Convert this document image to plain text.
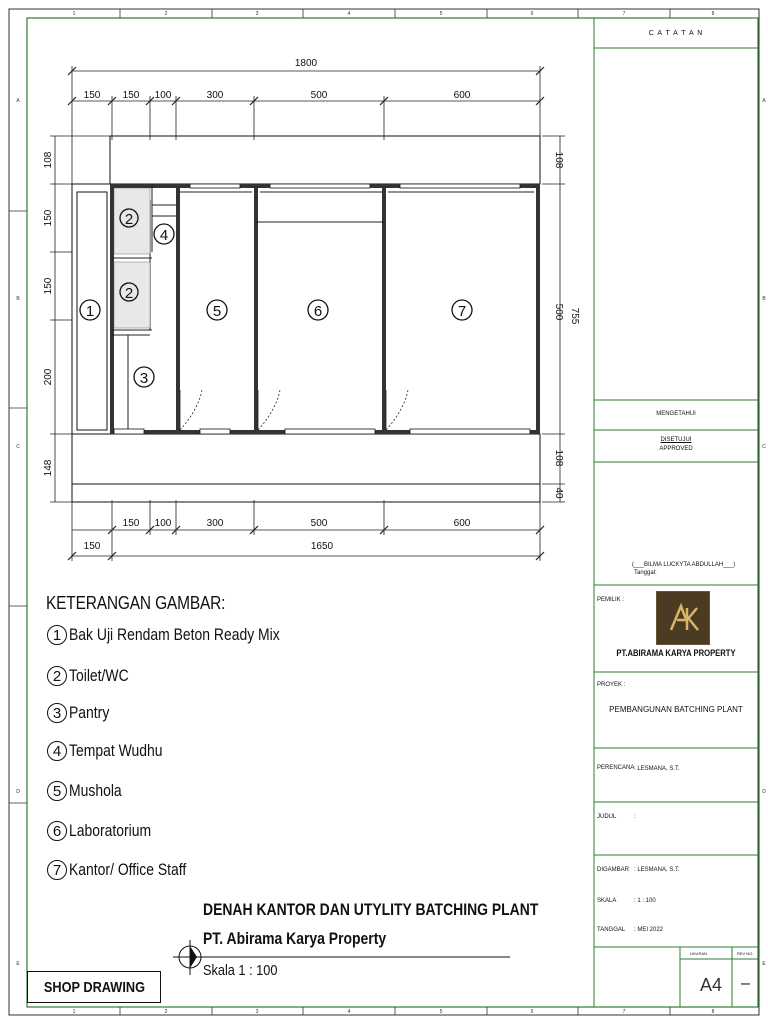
1	2	3	4	5	6	7	8
1	2	3	4	5	6	7	8
A
B
C
D
E
A
B
C
D
E
1
2
2
3
4
5	6	7
1800
150 150 100	300	500	600
150 100	300	500	600
150	1650
108
150
150
200
148
108
500 755
108
40
KETERANGAN GAMBAR:
1 Bak Uji Rendam Beton Ready Mix
2 Toilet/WC
3 Pantry
4 Tempat Wudhu
5 Mushola
6 Laboratorium
7 Kantor/ Office Staff
DENAH KANTOR DAN UTYLITY BATCHING PLANT
PT. Abirama Karya Property
Skala 1 : 100
SHOP DRAWING
C A T A T A N
MENGETAHUI
DISETUJUI
APPROVED
(___BILMA LUCKYTA ABDULLAH___)
Tanggal:
PEMILIK :
PT.ABIRAMA KARYA PROPERTY
PROYEK :
PEMBANGUNAN BATCHING PLANT
PERENCANA : LESMANA, S.T.
JUDUL	:
DIGAMBAR : LESMANA, S.T.
SKALA	: 1 : 100
TANGGAL : MEI 2022
UKURAN	REV NO.
A4 –
